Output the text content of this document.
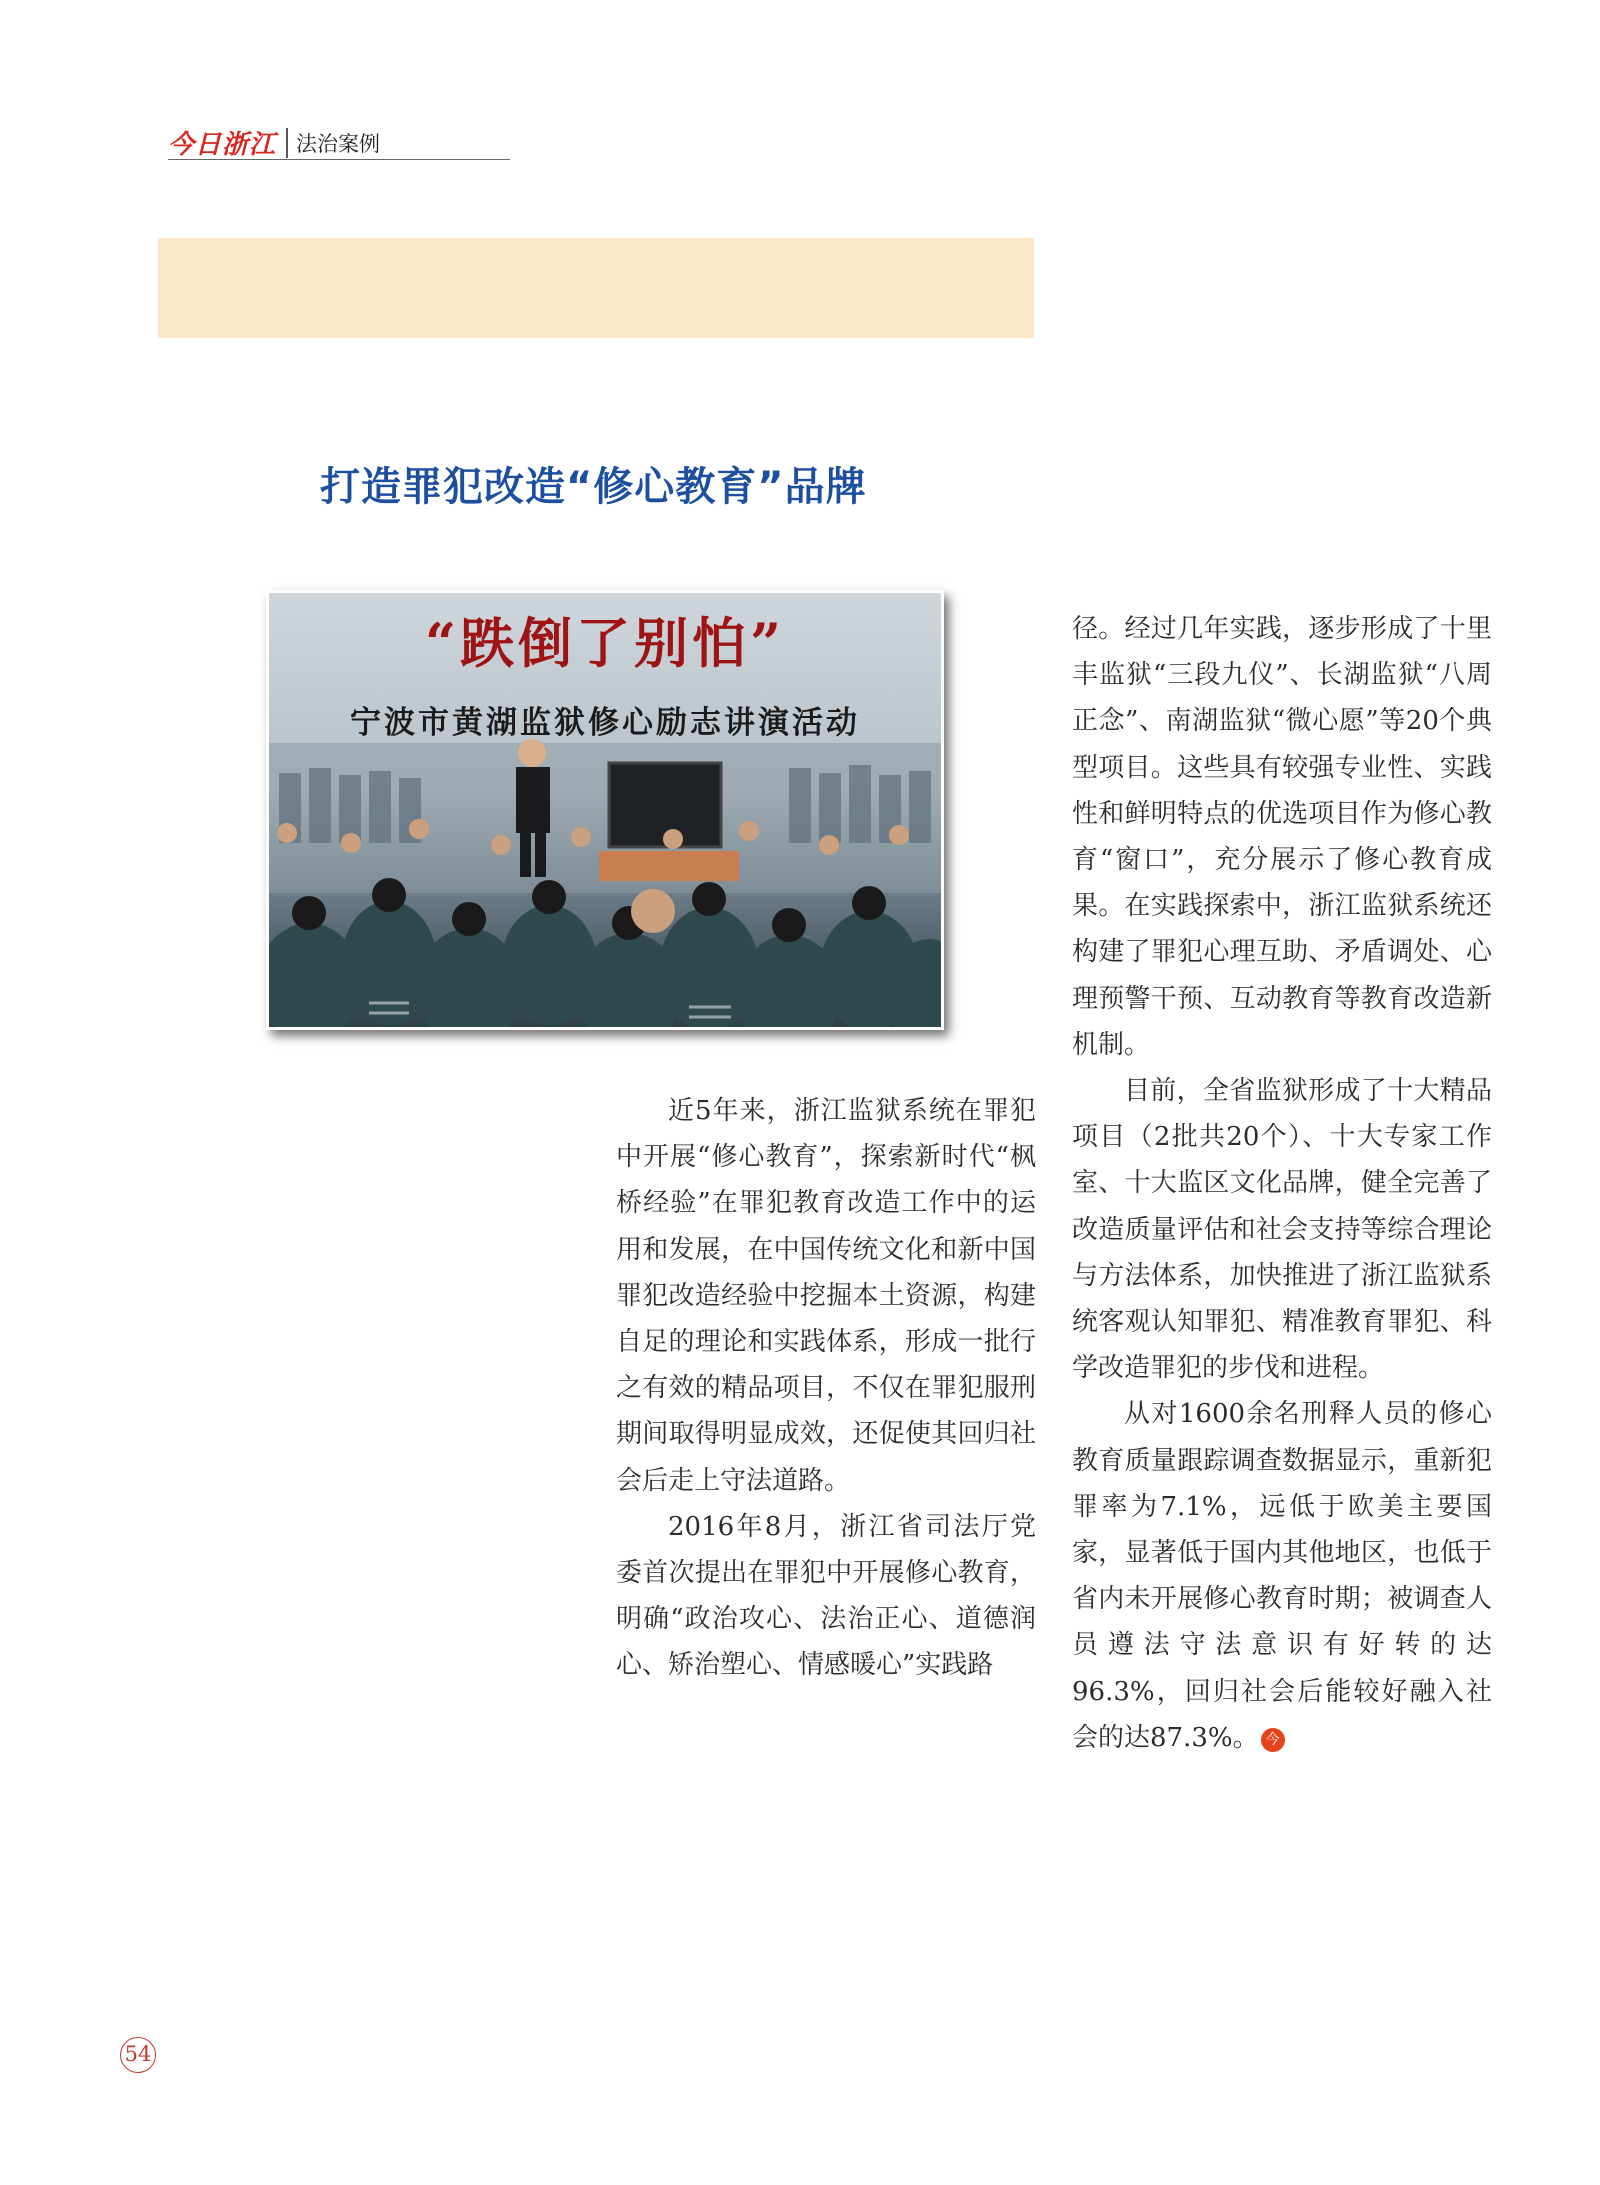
今日浙江 法治案例
打造罪犯改造“修心教育”品牌
“跌倒了别怕”
宁波市黄湖监狱修心励志讲演活动

近5年来，浙江监狱系统在罪犯中开展“修心教育”，探索新时代“枫桥经验”在罪犯教育改造工作中的运用和发展，在中国传统文化和新中国罪犯改造经验中挖掘本土资源，构建自足的理论和实践体系，形成一批行之有效的精品项目，不仅在罪犯服刑期间取得明显成效，还促使其回归社会后走上守法道路。

2016年8月，浙江省司法厅党委首次提出在罪犯中开展修心教育，明确“政治攻心、法治正心、道德润心、矫治塑心、情感暖心”实践路

径。经过几年实践，逐步形成了十里丰监狱“三段九仪”、长湖监狱“八周正念”、南湖监狱“微心愿”等20个典型项目。这些具有较强专业性、实践性和鲜明特点的优选项目作为修心教育“窗口”，充分展示了修心教育成果。在实践探索中，浙江监狱系统还构建了罪犯心理互助、矛盾调处、心理预警干预、互动教育等教育改造新机制。

目前，全省监狱形成了十大精品项目（2批共20个）、十大专家工作室、十大监区文化品牌，健全完善了改造质量评估和社会支持等综合理论与方法体系，加快推进了浙江监狱系统客观认知罪犯、精准教育罪犯、科学改造罪犯的步伐和进程。

从对1600余名刑释人员的修心教育质量跟踪调查数据显示，重新犯罪率为7.1%，远低于欧美主要国家，显著低于国内其他地区，也低于省内未开展修心教育时期；被调查人员遵法守法意识有好转的达96.3%，回归社会后能较好融入社会的达87.3%。 今

54
